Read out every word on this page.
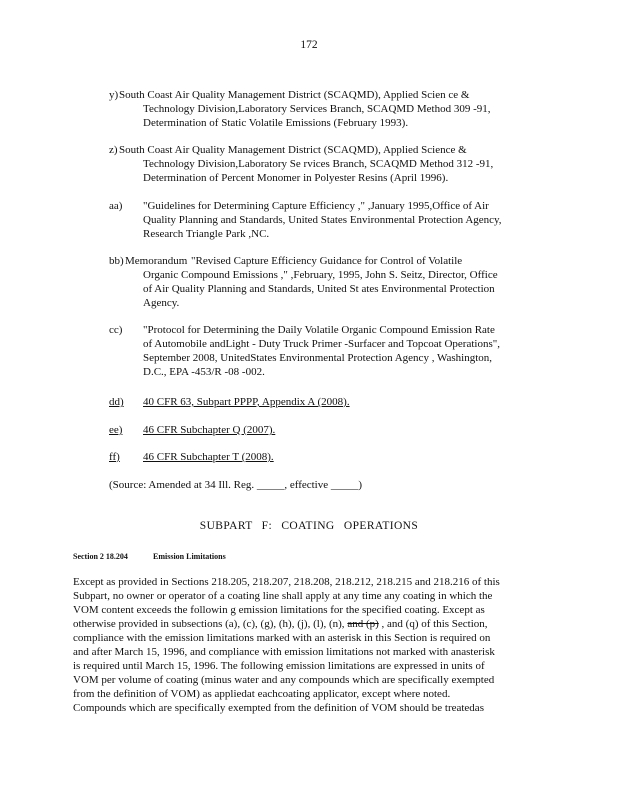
172
y) South Coast Air Quality Management District (SCAQMD), Applied Scien ce &
Technology Division,Laboratory Services Branch, SCAQMD Method 309 -91,
Determination of Static Volatile Emissions (February 1993).
z) South Coast Air Quality Management District (SCAQMD), Applied Science &
Technology Division,Laboratory Se rvices Branch, SCAQMD Method 312 -91,
Determination of Percent Monomer in Polyester Resins (April 1996).
aa) "Guidelines for Determining Capture Efficiency ," ,January 1995,Office of Air
Quality Planning and Standards, United States Environmental Protection Agency,
Research Triangle Park ,NC.
bb) Memorandum "Revised Capture Efficiency Guidance for Control of Volatile
Organic Compound Emissions ," ,February, 1995, John S. Seitz, Director, Office
of Air Quality Planning and Standards, United St ates Environmental Protection
Agency.
cc) "Protocol for Determining the Daily Volatile Organic Compound Emission Rate
of Automobile andLight - Duty Truck Primer -Surfacer and Topcoat Operations",
September 2008, UnitedStates Environmental Protection Agency , Washington,
D.C., EPA -453/R -08 -002.
dd) 40 CFR 63, Subpart PPPP, Appendix A (2008).
ee) 46 CFR Subchapter Q (2007).
ff) 46 CFR Subchapter T (2008).
(Source: Amended at 34 Ill. Reg. _____, effective _____)
SUBPART F: COATING OPERATIONS
Section 2 18.204	Emission Limitations
Except as provided in Sections 218.205, 218.207, 218.208, 218.212, 218.215 and 218.216 of this
Subpart, no owner or operator of a coating line shall apply at any time any coating in which the
VOM content exceeds the followin g emission limitations for the specified coating. Except as
otherwise provided in subsections (a), (c), (g), (h), (j), (l), (n), and (p) , and (q) of this Section,
compliance with the emission limitations marked with an asterisk in this Section is required on
and after March 15, 1996, and compliance with emission limitations not marked with anasterisk
is required until March 15, 1996. The following emission limitations are expressed in units of
VOM per volume of coating (minus water and any compounds which are specifically exempted
from the definition of VOM) as appliedat eachcoating applicator, except where noted.
Compounds which are specifically exempted from the definition of VOM should be treatedas
